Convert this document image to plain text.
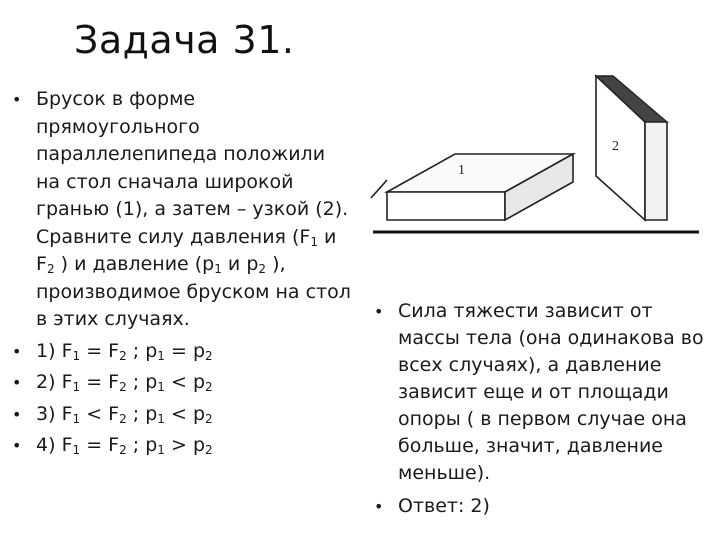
Задача 31.
• Брусок в форме прямоугольного параллелепипеда положили на стол сначала широкой гранью (1), а затем – узкой (2). Сравните силу давления ($F_1$ и $F_2$ ) и давление ($p_1$ и $p_2$ ), производимое бруском на стол в этих случаях.
• 1) $F_1 = F_2$ ; $p_1 = p_2$
• 2) $F_1 = F_2$ ; $p_1 < p_2$
• 3) $F_1 < F_2$ ; $p_1 < p_2$
• 4) $F_1 = F_2$ ; $p_1 > p_2$
1
2
• Сила тяжести зависит от массы тела (она одинакова во всех случаях), а давление зависит еще и от площади опоры ( в первом случае она больше, значит, давление меньше).
• Ответ: 2)
